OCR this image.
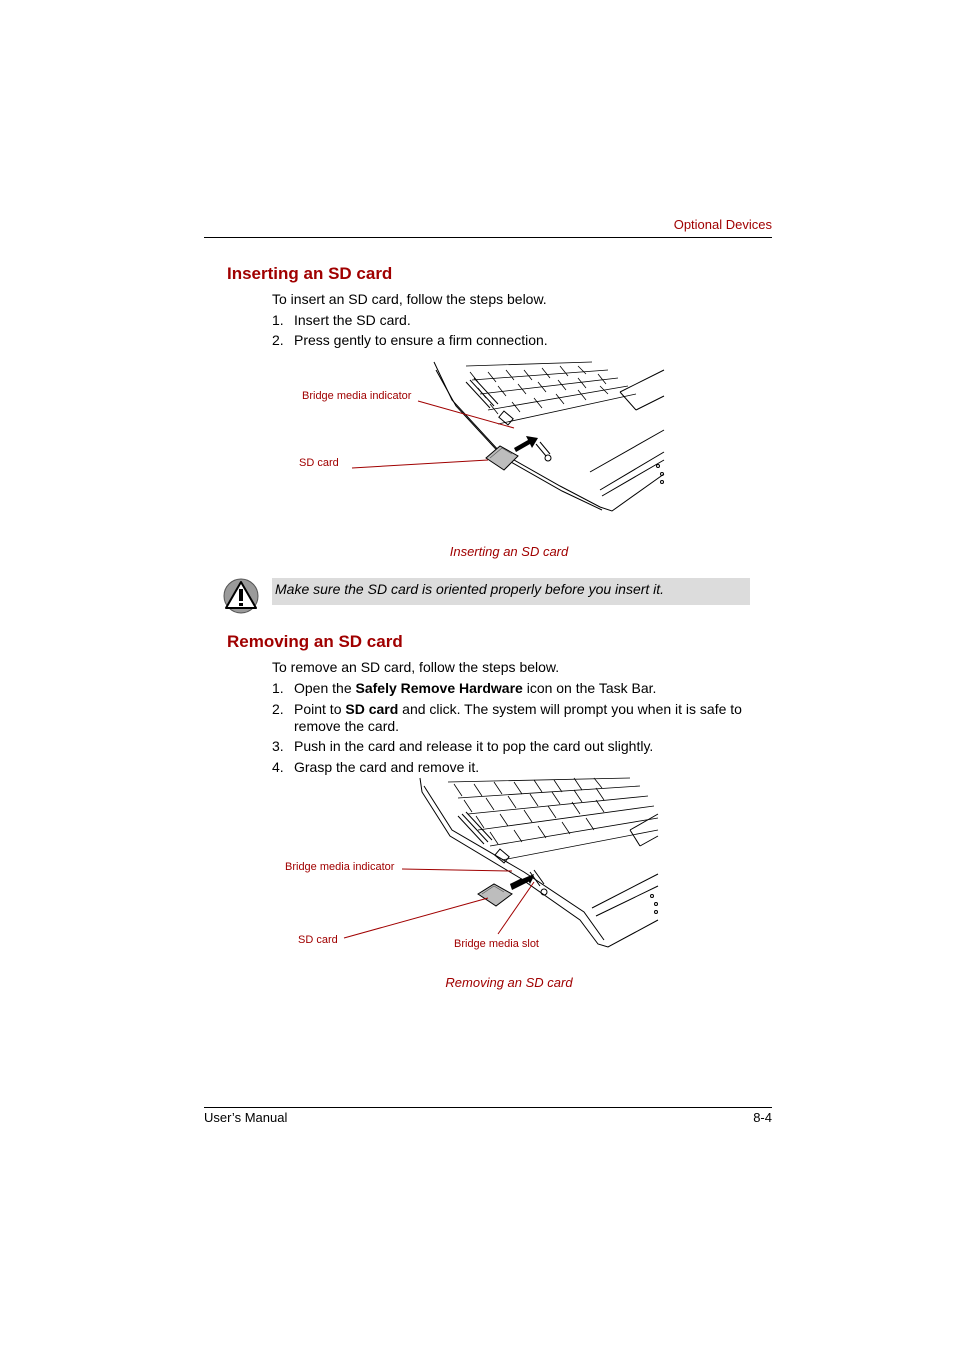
Optional Devices
Inserting an SD card
To insert an SD card, follow the steps below.
1. Insert the SD card.
2. Press gently to ensure a firm connection.
Bridge media indicator
SD card
Inserting an SD card
Make sure the SD card is oriented properly before you insert it.
Removing an SD card
To remove an SD card, follow the steps below.
1. Open the Safely Remove Hardware icon on the Task Bar.
2. Point to SD card and click. The system will prompt you when it is safe to remove the card.
3. Push in the card and release it to pop the card out slightly.
4. Grasp the card and remove it.
Bridge media indicator
SD card	Bridge media slot
Removing an SD card
User’s Manual	8-4
